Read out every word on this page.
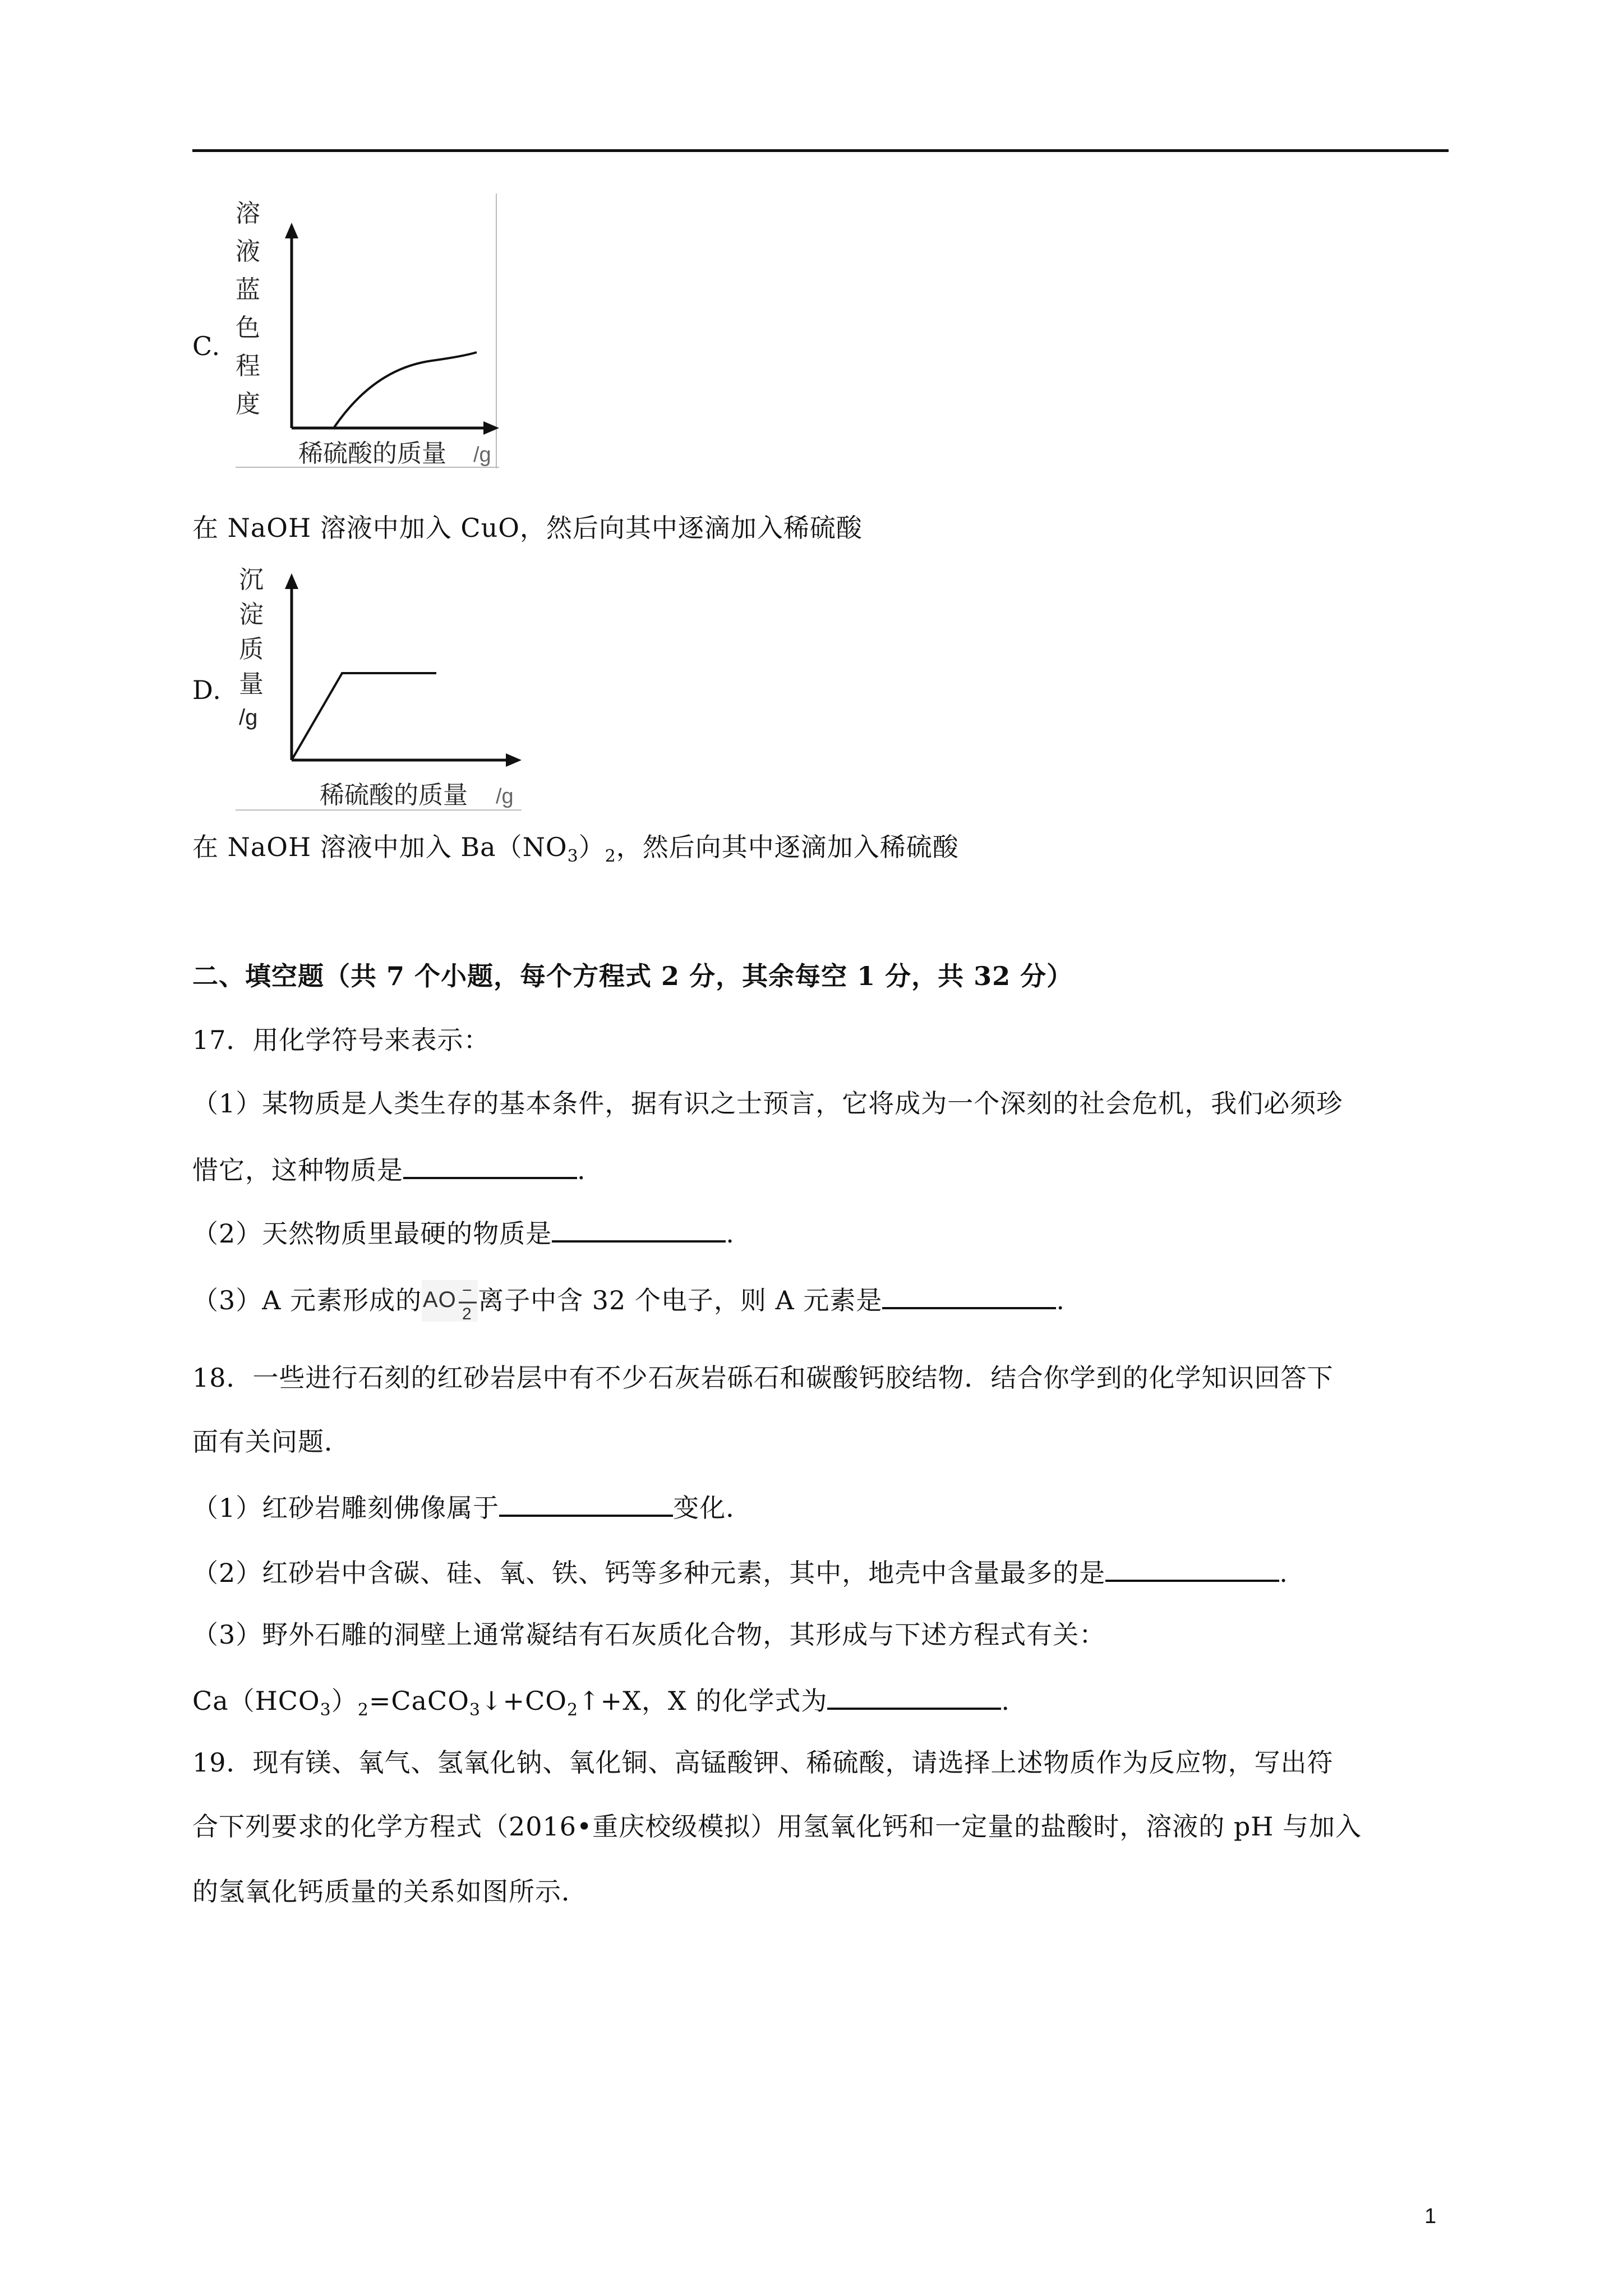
C.
溶
液
蓝
色
程
度
稀硫酸的质量 /g
在 NaOH 溶液中加入 CuO，然后向其中逐滴加入稀硫酸
D.
沉
淀
质
量
/g
稀硫酸的质量 /g
在 NaOH 溶液中加入 $Ba(NO_3)_2$，然后向其中逐滴加入稀硫酸
二、填空题（共 7 个小题，每个方程式 2 分，其余每空 1 分，共 32 分）
17．用化学符号来表示：
（1）某物质是人类生存的基本条件，据有识之士预言，它将成为一个深刻的社会危机，我们必须珍
惜它，这种物质是	.
（2）天然物质里最硬的物质是	.
（3）A 元素形成的 AO −
2 离子中含 32 个电子，则 A 元素是	.
18．一些进行石刻的红砂岩层中有不少石灰岩砾石和碳酸钙胶结物．结合你学到的化学知识回答下
面有关问题．
（1）红砂岩雕刻佛像属于	变化．
（2）红砂岩中含碳、硅、氧、铁、钙等多种元素，其中，地壳中含量最多的是	.
（3）野外石雕的洞壁上通常凝结有石灰质化合物，其形成与下述方程式有关：
$Ca(HCO_3)_2=CaCO_3↓+CO_2↑+X$，X 的化学式为	.
19．现有镁、氧气、氢氧化钠、氧化铜、高锰酸钾、稀硫酸，请选择上述物质作为反应物，写出符
合下列要求的化学方程式（2016•重庆校级模拟）用氢氧化钙和一定量的盐酸时，溶液的 pH 与加入
的氢氧化钙质量的关系如图所示．
1
